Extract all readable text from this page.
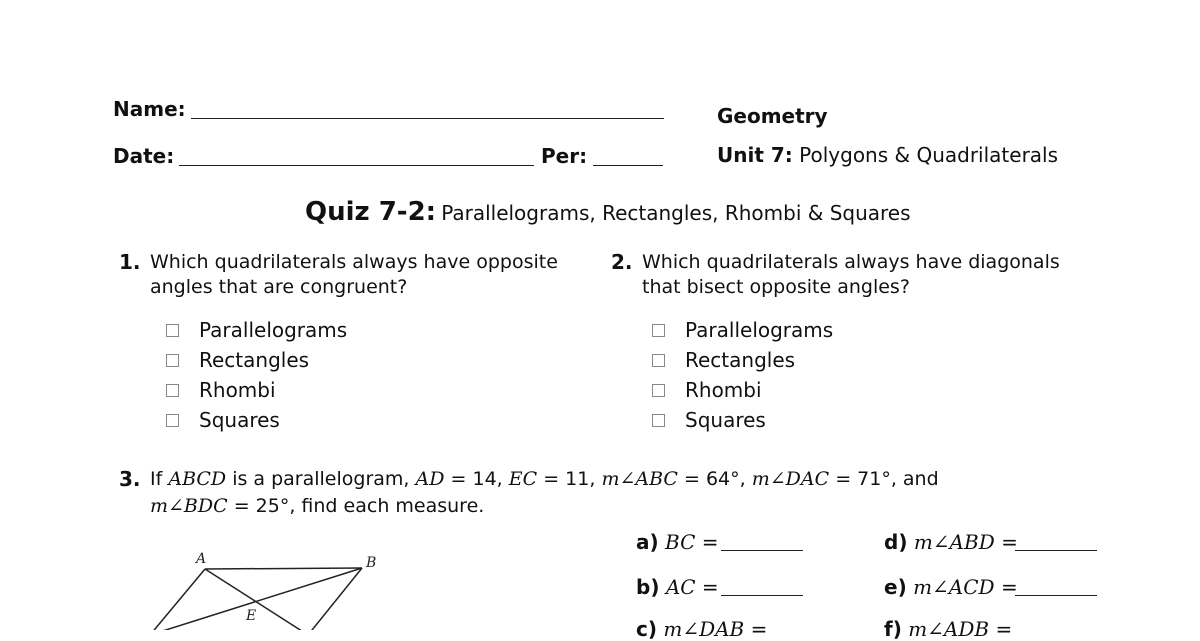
Name:
Date:	Per:
Geometry
Unit 7: Polygons & Quadrilaterals
Quiz 7-2: Parallelograms, Rectangles, Rhombi & Squares
1. Which quadrilaterals always have opposite
angles that are congruent?
Parallelograms
Rectangles
Rhombi
Squares
2. Which quadrilaterals always have diagonals
that bisect opposite angles?
Parallelograms
Rectangles
Rhombi
Squares
3. If ABCD is a parallelogram, AD = 14, EC = 11, m∠ABC = 64°, m∠DAC = 71°, and
m∠BDC = 25°, find each measure.
a) BC =
b) AC =
c) m∠DAB =
d) m∠ABD =
e) m∠ACD =
f) m∠ADB =
A	B
E
